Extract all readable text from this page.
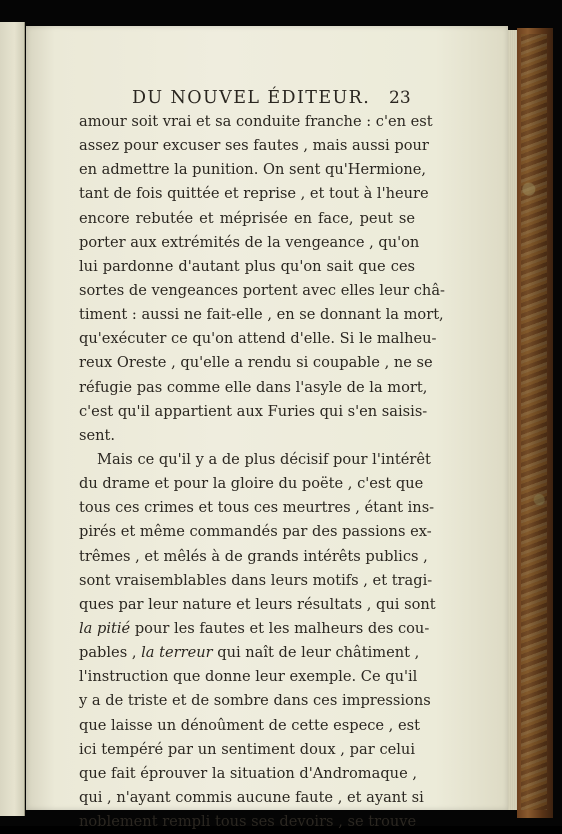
DU NOUVEL ÉDITEUR. 23
amour soit vrai et sa conduite franche : c'en est
assez pour excuser ses fautes , mais aussi pour
en admettre la punition. On sent qu'Hermione,
tant de fois quittée et reprise , et tout à l'heure
encore rebutée et méprisée en face, peut se
porter aux extrémités de la vengeance , qu'on
lui pardonne d'autant plus qu'on sait que ces
sortes de vengeances portent avec elles leur châ-
timent : aussi ne fait-elle , en se donnant la mort,
qu'exécuter ce qu'on attend d'elle. Si le malheu-
reux Oreste , qu'elle a rendu si coupable , ne se
réfugie pas comme elle dans l'asyle de la mort,
c'est qu'il appartient aux Furies qui s'en saisis-
sent.
Mais ce qu'il y a de plus décisif pour l'intérêt
du drame et pour la gloire du poëte , c'est que
tous ces crimes et tous ces meurtres , étant ins-
pirés et même commandés par des passions ex-
trêmes , et mêlés à de grands intérêts publics ,
sont vraisemblables dans leurs motifs , et tragi-
ques par leur nature et leurs résultats , qui sont
la pitié pour les fautes et les malheurs des cou-
pables , la terreur qui naît de leur châtiment ,
l'instruction que donne leur exemple. Ce qu'il
y a de triste et de sombre dans ces impressions
que laisse un dénoûment de cette espece , est
ici tempéré par un sentiment doux , par celui
que fait éprouver la situation d'Andromaque ,
qui , n'ayant commis aucune faute , et ayant si
noblement rempli tous ses devoirs , se trouve
